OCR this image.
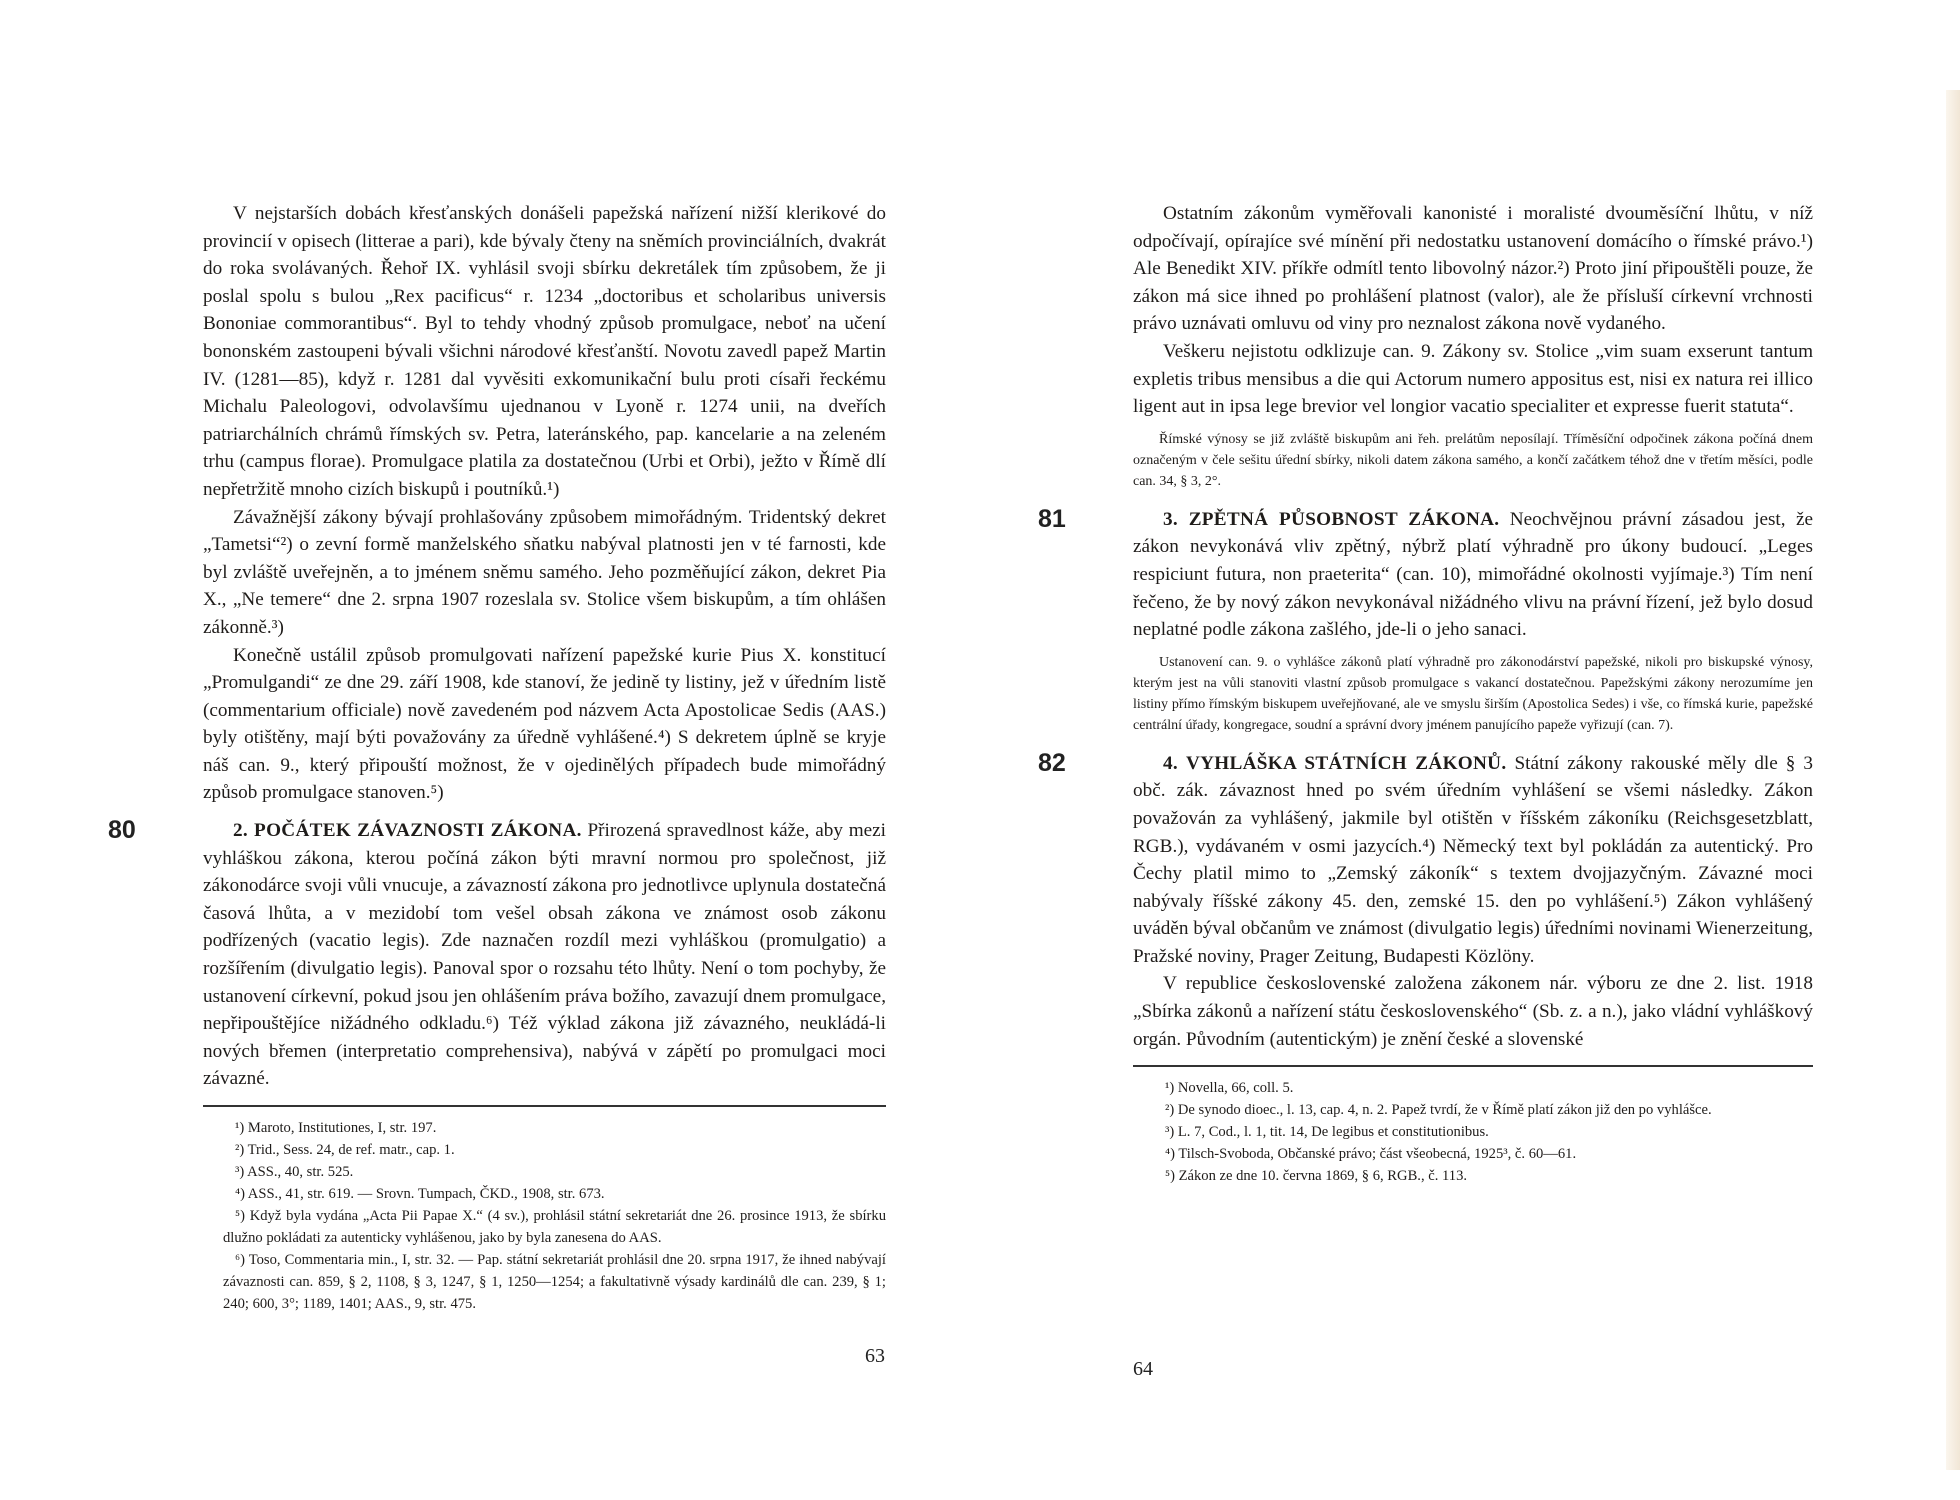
V nejstarších dobách křesťanských donášeli papežská nařízení nižší klerikové do provincií v opisech (litterae a pari), kde bývaly čteny na sněmích provinciálních, dvakrát do roka svolávaných. Řehoř IX. vyhlásil svoji sbírku dekretálek tím způsobem, že ji poslal spolu s bulou „Rex pacificus“ r. 1234 „doctoribus et scholaribus universis Bononiae commorantibus“. Byl to tehdy vhodný způsob promulgace, neboť na učení bononském zastoupeni bývali všichni národové křesťanští. Novotu zavedl papež Martin IV. (1281—85), když r. 1281 dal vyvěsiti exkomunikační bulu proti císaři řeckému Michalu Paleologovi, odvolavšímu ujednanou v Lyoně r. 1274 unii, na dveřích patriarchálních chrámů římských sv. Petra, lateránského, pap. kancelarie a na zeleném trhu (campus florae). Promulgace platila za dostatečnou (Urbi et Orbi), ježto v Římě dlí nepřetržitě mnoho cizích biskupů i poutníků.¹)

Závažnější zákony bývají prohlašovány způsobem mimořádným. Tridentský dekret „Tametsi“²) o zevní formě manželského sňatku nabýval platnosti jen v té farnosti, kde byl zvláště uveřejněn, a to jménem sněmu samého. Jeho pozměňující zákon, dekret Pia X., „Ne temere“ dne 2. srpna 1907 rozeslala sv. Stolice všem biskupům, a tím ohlášen zákonně.³)

Konečně ustálil způsob promulgovati nařízení papežské kurie Pius X. konstitucí „Promulgandi“ ze dne 29. září 1908, kde stanoví, že jedině ty listiny, jež v úředním listě (commentarium officiale) nově zavedeném pod názvem Acta Apostolicae Sedis (AAS.) byly otištěny, mají býti považovány za úředně vyhlášené.⁴) S dekretem úplně se kryje náš can. 9., který připouští možnost, že v ojedinělých případech bude mimořádný způsob promulgace stanoven.⁵)

80	2. POČÁTEK ZÁVAZNOSTI ZÁKONA. Přirozená spravedlnost káže, aby mezi vyhláškou zákona, kterou počíná zákon býti mravní normou pro společnost, již zákonodárce svoji vůli vnucuje, a závazností zákona pro jednotlivce uplynula dostatečná časová lhůta, a v mezidobí tom vešel obsah zákona ve známost osob zákonu podřízených (vacatio legis). Zde naznačen rozdíl mezi vyhláškou (promulgatio) a rozšířením (divulgatio legis). Panoval spor o rozsahu této lhůty. Není o tom pochyby, že ustanovení církevní, pokud jsou jen ohlášením práva božího, zavazují dnem promulgace, nepřipouštějíce nižádného odkladu.⁶) Též výklad zákona již závazného, neukládá-li nových břemen (interpretatio comprehensiva), nabývá v zápětí po promulgaci moci závazné.

¹) Maroto, Institutiones, I, str. 197.

²) Trid., Sess. 24, de ref. matr., cap. 1.

³) ASS., 40, str. 525.

⁴) ASS., 41, str. 619. — Srovn. Tumpach, ČKD., 1908, str. 673.

⁵) Když byla vydána „Acta Pii Papae X.“ (4 sv.), prohlásil státní sekretariát dne 26. prosince 1913, že sbírku dlužno pokládati za autenticky vyhlášenou, jako by byla zanesena do AAS.

⁶) Toso, Commentaria min., I, str. 32. — Pap. státní sekretariát prohlásil dne 20. srpna 1917, že ihned nabývají závaznosti can. 859, § 2, 1108, § 3, 1247, § 1, 1250—1254; a fakultativně výsady kardinálů dle can. 239, § 1; 240; 600, 3°; 1189, 1401; AAS., 9, str. 475.

63

Ostatním zákonům vyměřovali kanonisté i moralisté dvouměsíční lhůtu, v níž odpočívají, opírajíce své mínění při nedostatku ustanovení domácího o římské právo.¹) Ale Benedikt XIV. příkře odmítl tento libovolný názor.²) Proto jiní připouštěli pouze, že zákon má sice ihned po prohlášení platnost (valor), ale že přísluší církevní vrchnosti právo uznávati omluvu od viny pro neznalost zákona nově vydaného.

Veškeru nejistotu odklizuje can. 9. Zákony sv. Stolice „vim suam exserunt tantum expletis tribus mensibus a die qui Actorum numero appositus est, nisi ex natura rei illico ligent aut in ipsa lege brevior vel longior vacatio specialiter et expresse fuerit statuta“.

Římské výnosy se již zvláště biskupům ani řeh. prelátům neposílají. Tříměsíční odpočinek zákona počíná dnem označeným v čele sešitu úřední sbírky, nikoli datem zákona samého, a končí začátkem téhož dne v třetím měsíci, podle can. 34, § 3, 2°.

81	3. ZPĚTNÁ PŮSOBNOST ZÁKONA. Neochvějnou právní zásadou jest, že zákon nevykonává vliv zpětný, nýbrž platí výhradně pro úkony budoucí. „Leges respiciunt futura, non praeterita“ (can. 10), mimořádné okolnosti vyjímaje.³) Tím není řečeno, že by nový zákon nevykonával nižádného vlivu na právní řízení, jež bylo dosud neplatné podle zákona zašlého, jde-li o jeho sanaci.

Ustanovení can. 9. o vyhlášce zákonů platí výhradně pro zákonodárství papežské, nikoli pro biskupské výnosy, kterým jest na vůli stanoviti vlastní způsob promulgace s vakancí dostatečnou. Papežskými zákony nerozumíme jen listiny přímo římským biskupem uveřejňované, ale ve smyslu širším (Apostolica Sedes) i vše, co římská kurie, papežské centrální úřady, kongregace, soudní a správní dvory jménem panujícího papeže vyřizují (can. 7).

82	4. VYHLÁŠKA STÁTNÍCH ZÁKONŮ. Státní zákony rakouské měly dle § 3 obč. zák. závaznost hned po svém úředním vyhlášení se všemi následky. Zákon považován za vyhlášený, jakmile byl otištěn v říšském zákoníku (Reichsgesetzblatt, RGB.), vydávaném v osmi jazycích.⁴) Německý text byl pokládán za autentický. Pro Čechy platil mimo to „Zemský zákoník“ s textem dvojjazyčným. Závazné moci nabývaly říšské zákony 45. den, zemské 15. den po vyhlášení.⁵) Zákon vyhlášený uváděn býval občanům ve známost (divulgatio legis) úředními novinami Wienerzeitung, Pražské noviny, Prager Zeitung, Budapesti Közlöny.

V republice československé založena zákonem nár. výboru ze dne 2. list. 1918 „Sbírka zákonů a nařízení státu československého“ (Sb. z. a n.), jako vládní vyhláškový orgán. Původním (autentickým) je znění české a slovenské

¹) Novella, 66, coll. 5.

²) De synodo dioec., l. 13, cap. 4, n. 2. Papež tvrdí, že v Římě platí zákon již den po vyhlášce.

³) L. 7, Cod., l. 1, tit. 14, De legibus et constitutionibus.

⁴) Tilsch-Svoboda, Občanské právo; část všeobecná, 1925³, č. 60—61.

⁵) Zákon ze dne 10. června 1869, § 6, RGB., č. 113.

64
